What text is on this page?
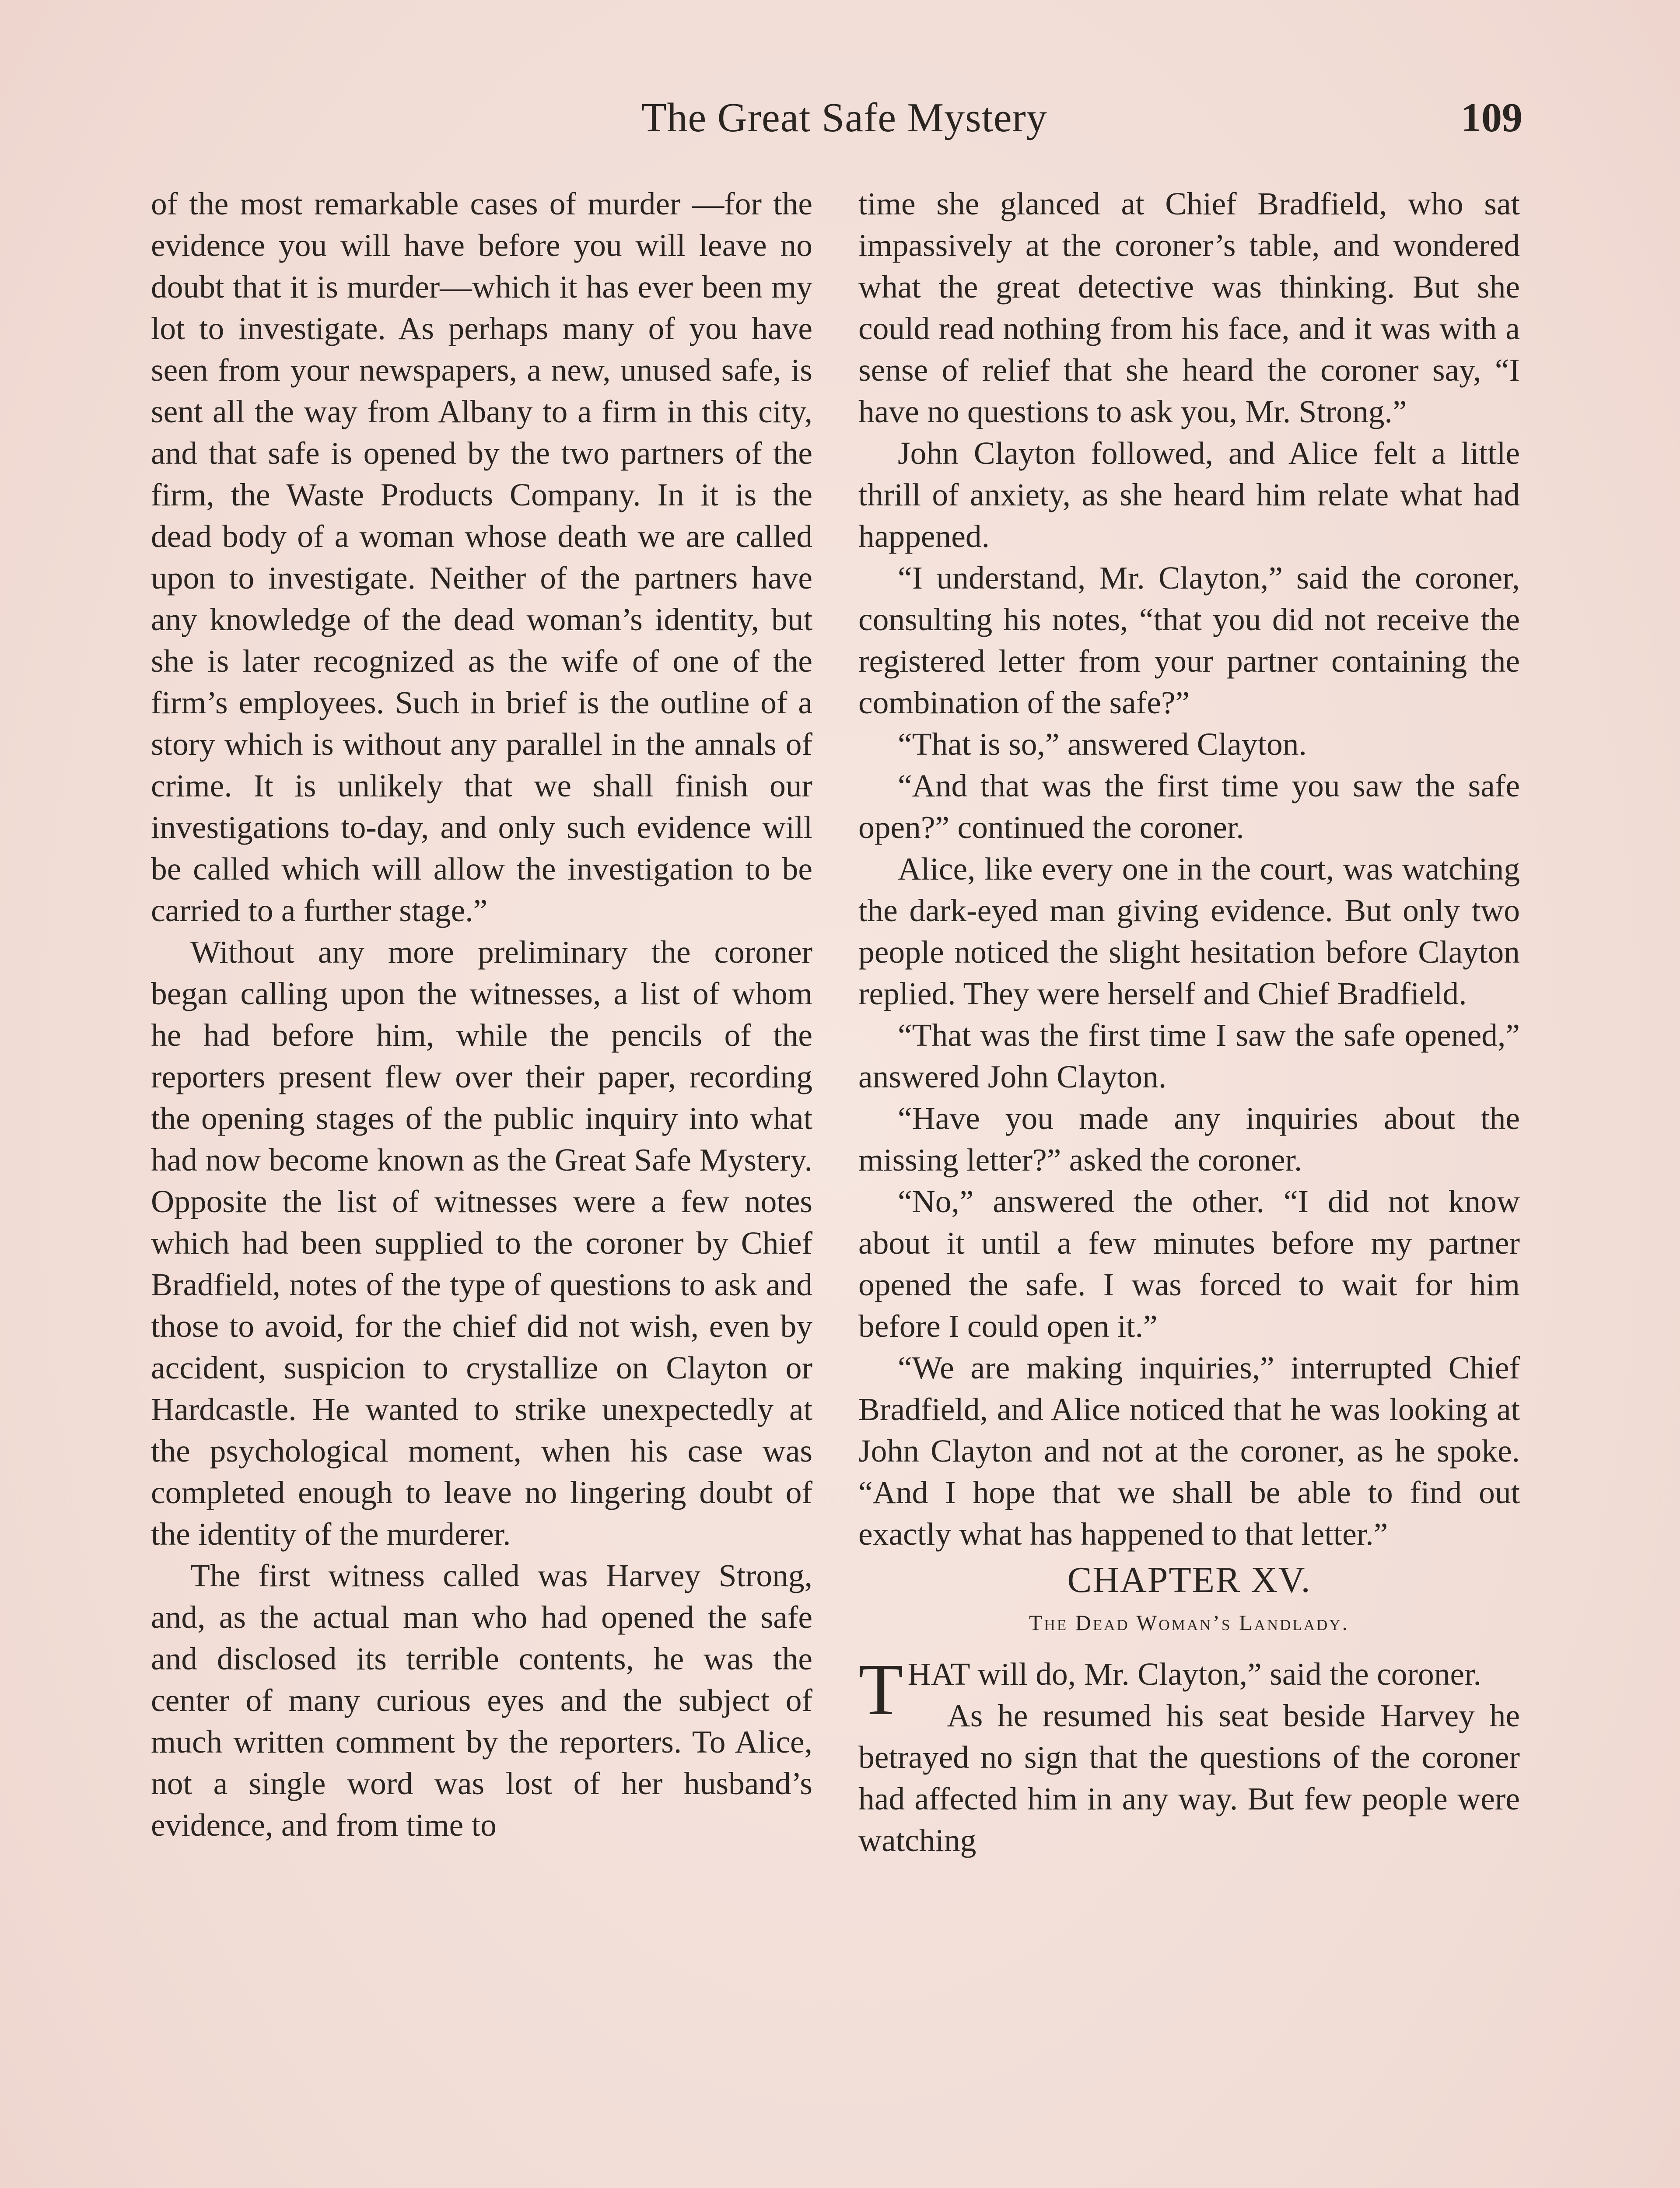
The Great Safe Mystery	109

of the most remarkable cases of murder —for the evidence you will have before you will leave no doubt that it is murder—which it has ever been my lot to investigate. As perhaps many of you have seen from your newspapers, a new, unused safe, is sent all the way from Albany to a firm in this city, and that safe is opened by the two partners of the firm, the Waste Products Company. In it is the dead body of a woman whose death we are called upon to investigate. Neither of the partners have any knowledge of the dead woman’s identity, but she is later recognized as the wife of one of the firm’s employees. Such in brief is the outline of a story which is without any parallel in the annals of crime. It is unlikely that we shall finish our investigations to-day, and only such evidence will be called which will allow the investigation to be carried to a further stage.”

Without any more preliminary the coroner began calling upon the witnesses, a list of whom he had before him, while the pencils of the reporters present flew over their paper, recording the opening stages of the public inquiry into what had now become known as the Great Safe Mystery. Opposite the list of witnesses were a few notes which had been supplied to the coroner by Chief Bradfield, notes of the type of questions to ask and those to avoid, for the chief did not wish, even by accident, suspicion to crystallize on Clayton or Hardcastle. He wanted to strike unexpectedly at the psychological moment, when his case was completed enough to leave no lingering doubt of the identity of the murderer.

The first witness called was Harvey Strong, and, as the actual man who had opened the safe and disclosed its terrible contents, he was the center of many curious eyes and the subject of much written comment by the reporters. To Alice, not a single word was lost of her husband’s evidence, and from time to

time she glanced at Chief Bradfield, who sat impassively at the coroner’s table, and wondered what the great detective was thinking. But she could read nothing from his face, and it was with a sense of relief that she heard the coroner say, “I have no questions to ask you, Mr. Strong.”

John Clayton followed, and Alice felt a little thrill of anxiety, as she heard him relate what had happened.

“I understand, Mr. Clayton,” said the coroner, consulting his notes, “that you did not receive the registered letter from your partner containing the combination of the safe?”

“That is so,” answered Clayton.

“And that was the first time you saw the safe open?” continued the coroner.

Alice, like every one in the court, was watching the dark-eyed man giving evidence. But only two people noticed the slight hesitation before Clayton replied. They were herself and Chief Bradfield.

“That was the first time I saw the safe opened,” answered John Clayton.

“Have you made any inquiries about the missing letter?” asked the coroner.

“No,” answered the other. “I did not know about it until a few minutes before my partner opened the safe. I was forced to wait for him before I could open it.”

“We are making inquiries,” interrupted Chief Bradfield, and Alice noticed that he was looking at John Clayton and not at the coroner, as he spoke. “And I hope that we shall be able to find out exactly what has happened to that letter.”

CHAPTER XV.
The Dead Woman’s Landlady.

THAT will do, Mr. Clayton,” said the coroner.

As he resumed his seat beside Harvey he betrayed no sign that the questions of the coroner had affected him in any way. But few people were watching
